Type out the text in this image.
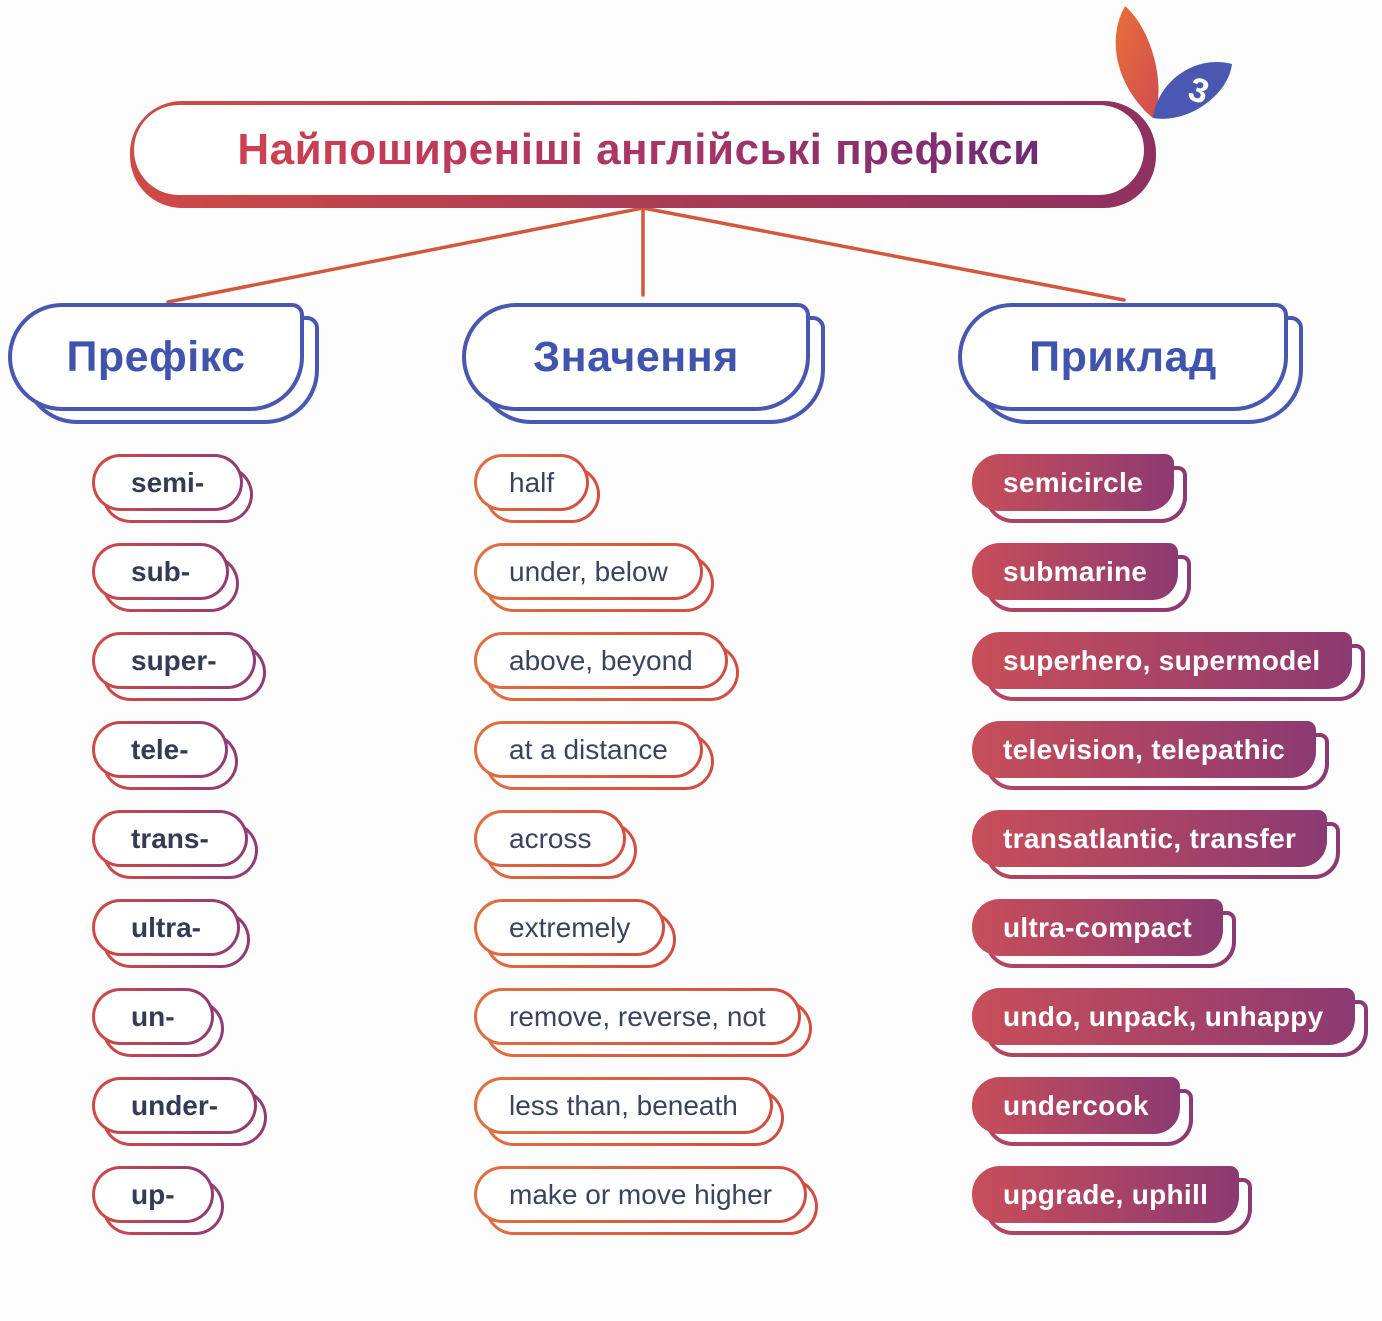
Найпоширеніші англійські префікси
3
Префікс	Значення	Приклад
semi-
sub-
super-
tele-
trans-
ultra-
un-
under-
up-
half
under, below
above, beyond
at a distance
across
extremely
remove, reverse, not
less than, beneath
make or move higher
semicircle
submarine
superhero, supermodel
television, telepathic
transatlantic, transfer
ultra-compact
undo, unpack, unhappy
undercook
upgrade, uphill
